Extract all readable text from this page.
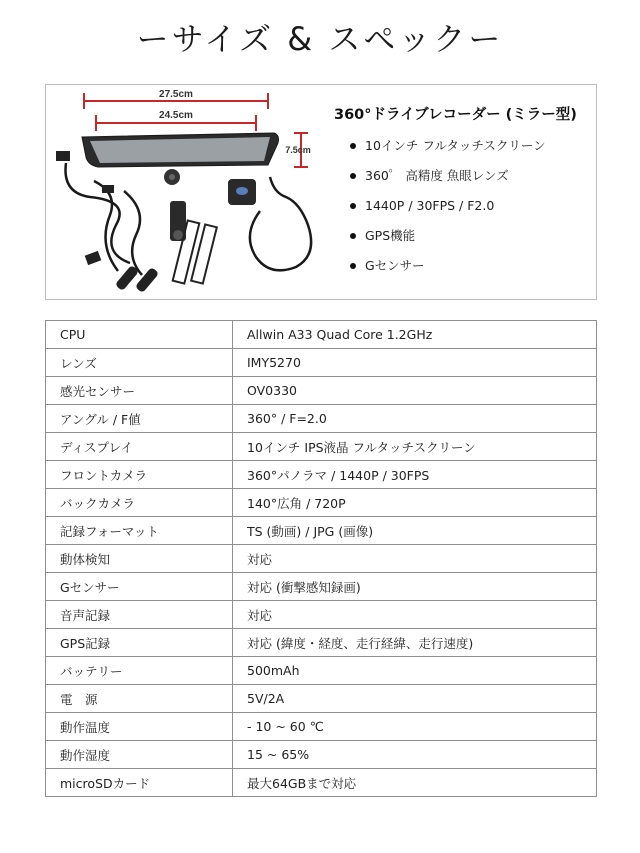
ーサイズ & スペックー
27.5cm
24.5cm
7.5cm
360°ドライブレコーダー (ミラー型)
10インチ フルタッチスクリーン
360゜ 高精度 魚眼レンズ
1440P / 30FPS / F2.0
GPS機能
Gセンサー
CPU	Allwin A33 Quad Core 1.2GHz
レンズ	IMY5270
感光センサー	OV0330
アングル / F値	360° / F=2.0
ディスプレイ	10インチ IPS液晶 フルタッチスクリーン
フロントカメラ	360°パノラマ / 1440P / 30FPS
バックカメラ	140°広角 / 720P
記録フォーマット	TS (動画) / JPG (画像)
動体検知	対応
Gセンサー	対応 (衝撃感知録画)
音声記録	対応
GPS記録	対応 (緯度・経度、走行経緯、走行速度)
バッテリー	500mAh
電　源	5V/2A
動作温度	- 10 ~ 60 ℃
動作湿度	15 ~ 65%
microSDカード	最大64GBまで対応
